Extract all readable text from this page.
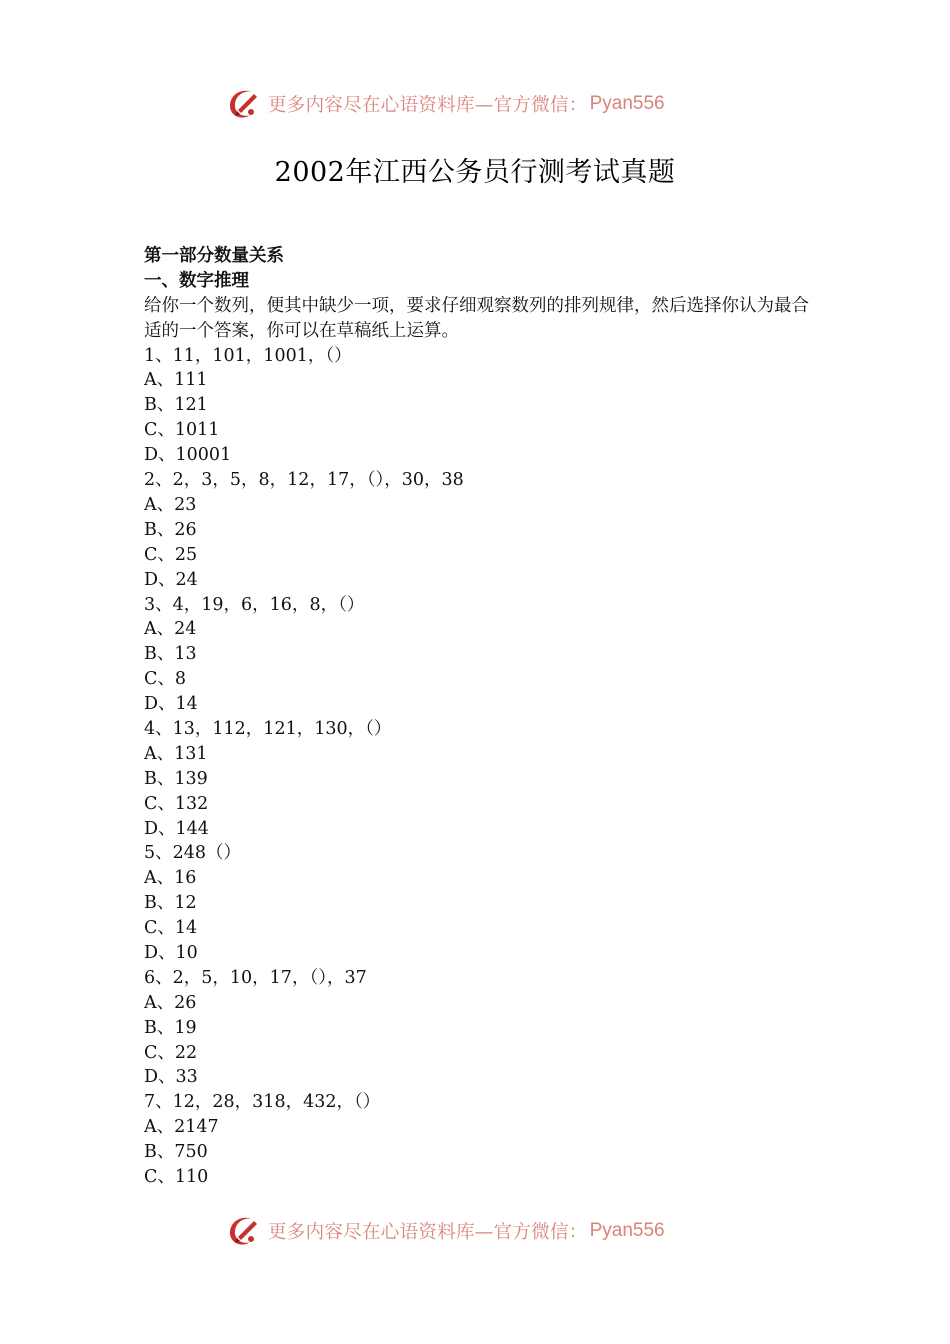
更多内容尽在心语资料库—官方微信： Pyan556
2002年江西公务员行测考试真题
第一部分数量关系
一、数字推理
给你一个数列，便其中缺少一项，要求仔细观察数列的排列规律，然后选择你认为最合适的一个答案，你可以在草稿纸上运算。
1、11，101，1001，（）
A、111
B、121
C、1011
D、10001
2、2，3，5，8，12，17，（），30，38
A、23
B、26
C、25
D、24
3、4，19，6，16，8，（）
A、24
B、13
C、8
D、14
4、13，112，121，130，（）
A、131
B、139
C、132
D、144
5、248（）
A、16
B、12
C、14
D、10
6、2，5，10，17，（），37
A、26
B、19
C、22
D、33
7、12，28，318，432，（）
A、2147
B、750
C、110
更多内容尽在心语资料库—官方微信： Pyan556
